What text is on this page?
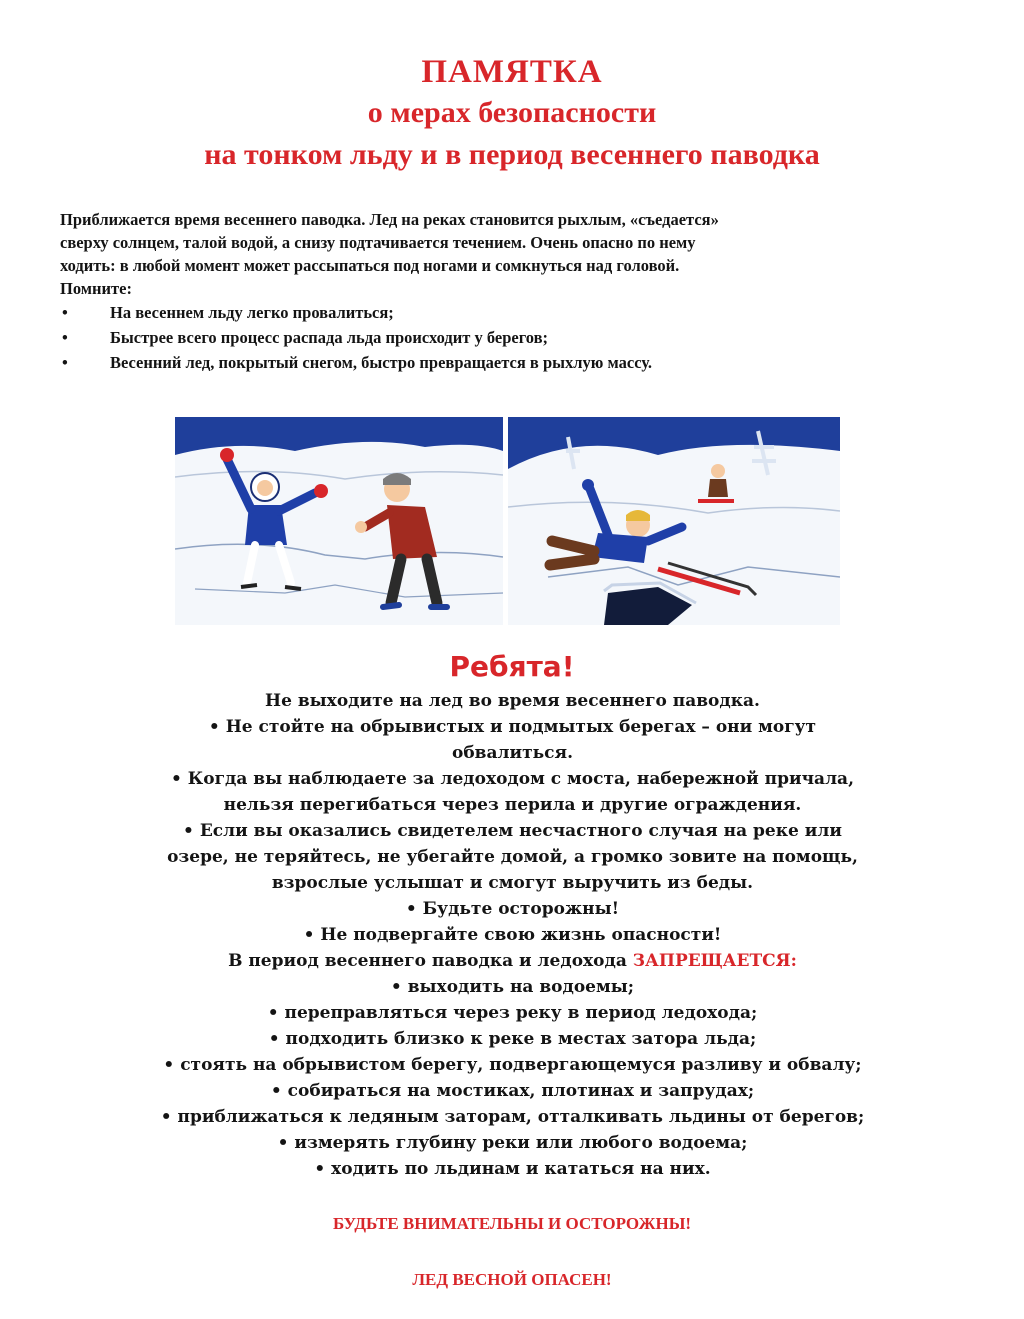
ПАМЯТКА
о мерах безопасности
на тонком льду и в период весеннего паводка

Приближается время весеннего паводка. Лед на реках становится рыхлым, «съедается»

сверху солнцем, талой водой, а снизу подтачивается течением. Очень опасно по нему

ходить: в любой момент может рассыпаться под ногами и сомкнуться над головой.

Помните:

•	На весеннем льду легко провалиться;
•	Быстрее всего процесс распада льда происходит у берегов;
•	Весенний лед, покрытый снегом, быстро превращается в рыхлую массу.
Ребята!
Не выходите на лед во время весеннего паводка.
• Не стойте на обрывистых и подмытых берегах – они могут
обвалиться.
• Когда вы наблюдаете за ледоходом с моста, набережной причала,
нельзя перегибаться через перила и другие ограждения.
• Если вы оказались свидетелем несчастного случая на реке или
озере, не теряйтесь, не убегайте домой, а громко зовите на помощь,
взрослые услышат и смогут выручить из беды.
• Будьте осторожны!
• Не подвергайте свою жизнь опасности!
В период весеннего паводка и ледохода ЗАПРЕЩАЕТСЯ:
• выходить на водоемы;
• переправляться через реку в период ледохода;
• подходить близко к реке в местах затора льда;
• стоять на обрывистом берегу, подвергающемуся разливу и обвалу;
• собираться на мостиках, плотинах и запрудах;
• приближаться к ледяным заторам, отталкивать льдины от берегов;
• измерять глубину реки или любого водоема;
• ходить по льдинам и кататься на них.
БУДЬТЕ ВНИМАТЕЛЬНЫ И ОСТОРОЖНЫ!
ЛЕД ВЕСНОЙ ОПАСЕН!
